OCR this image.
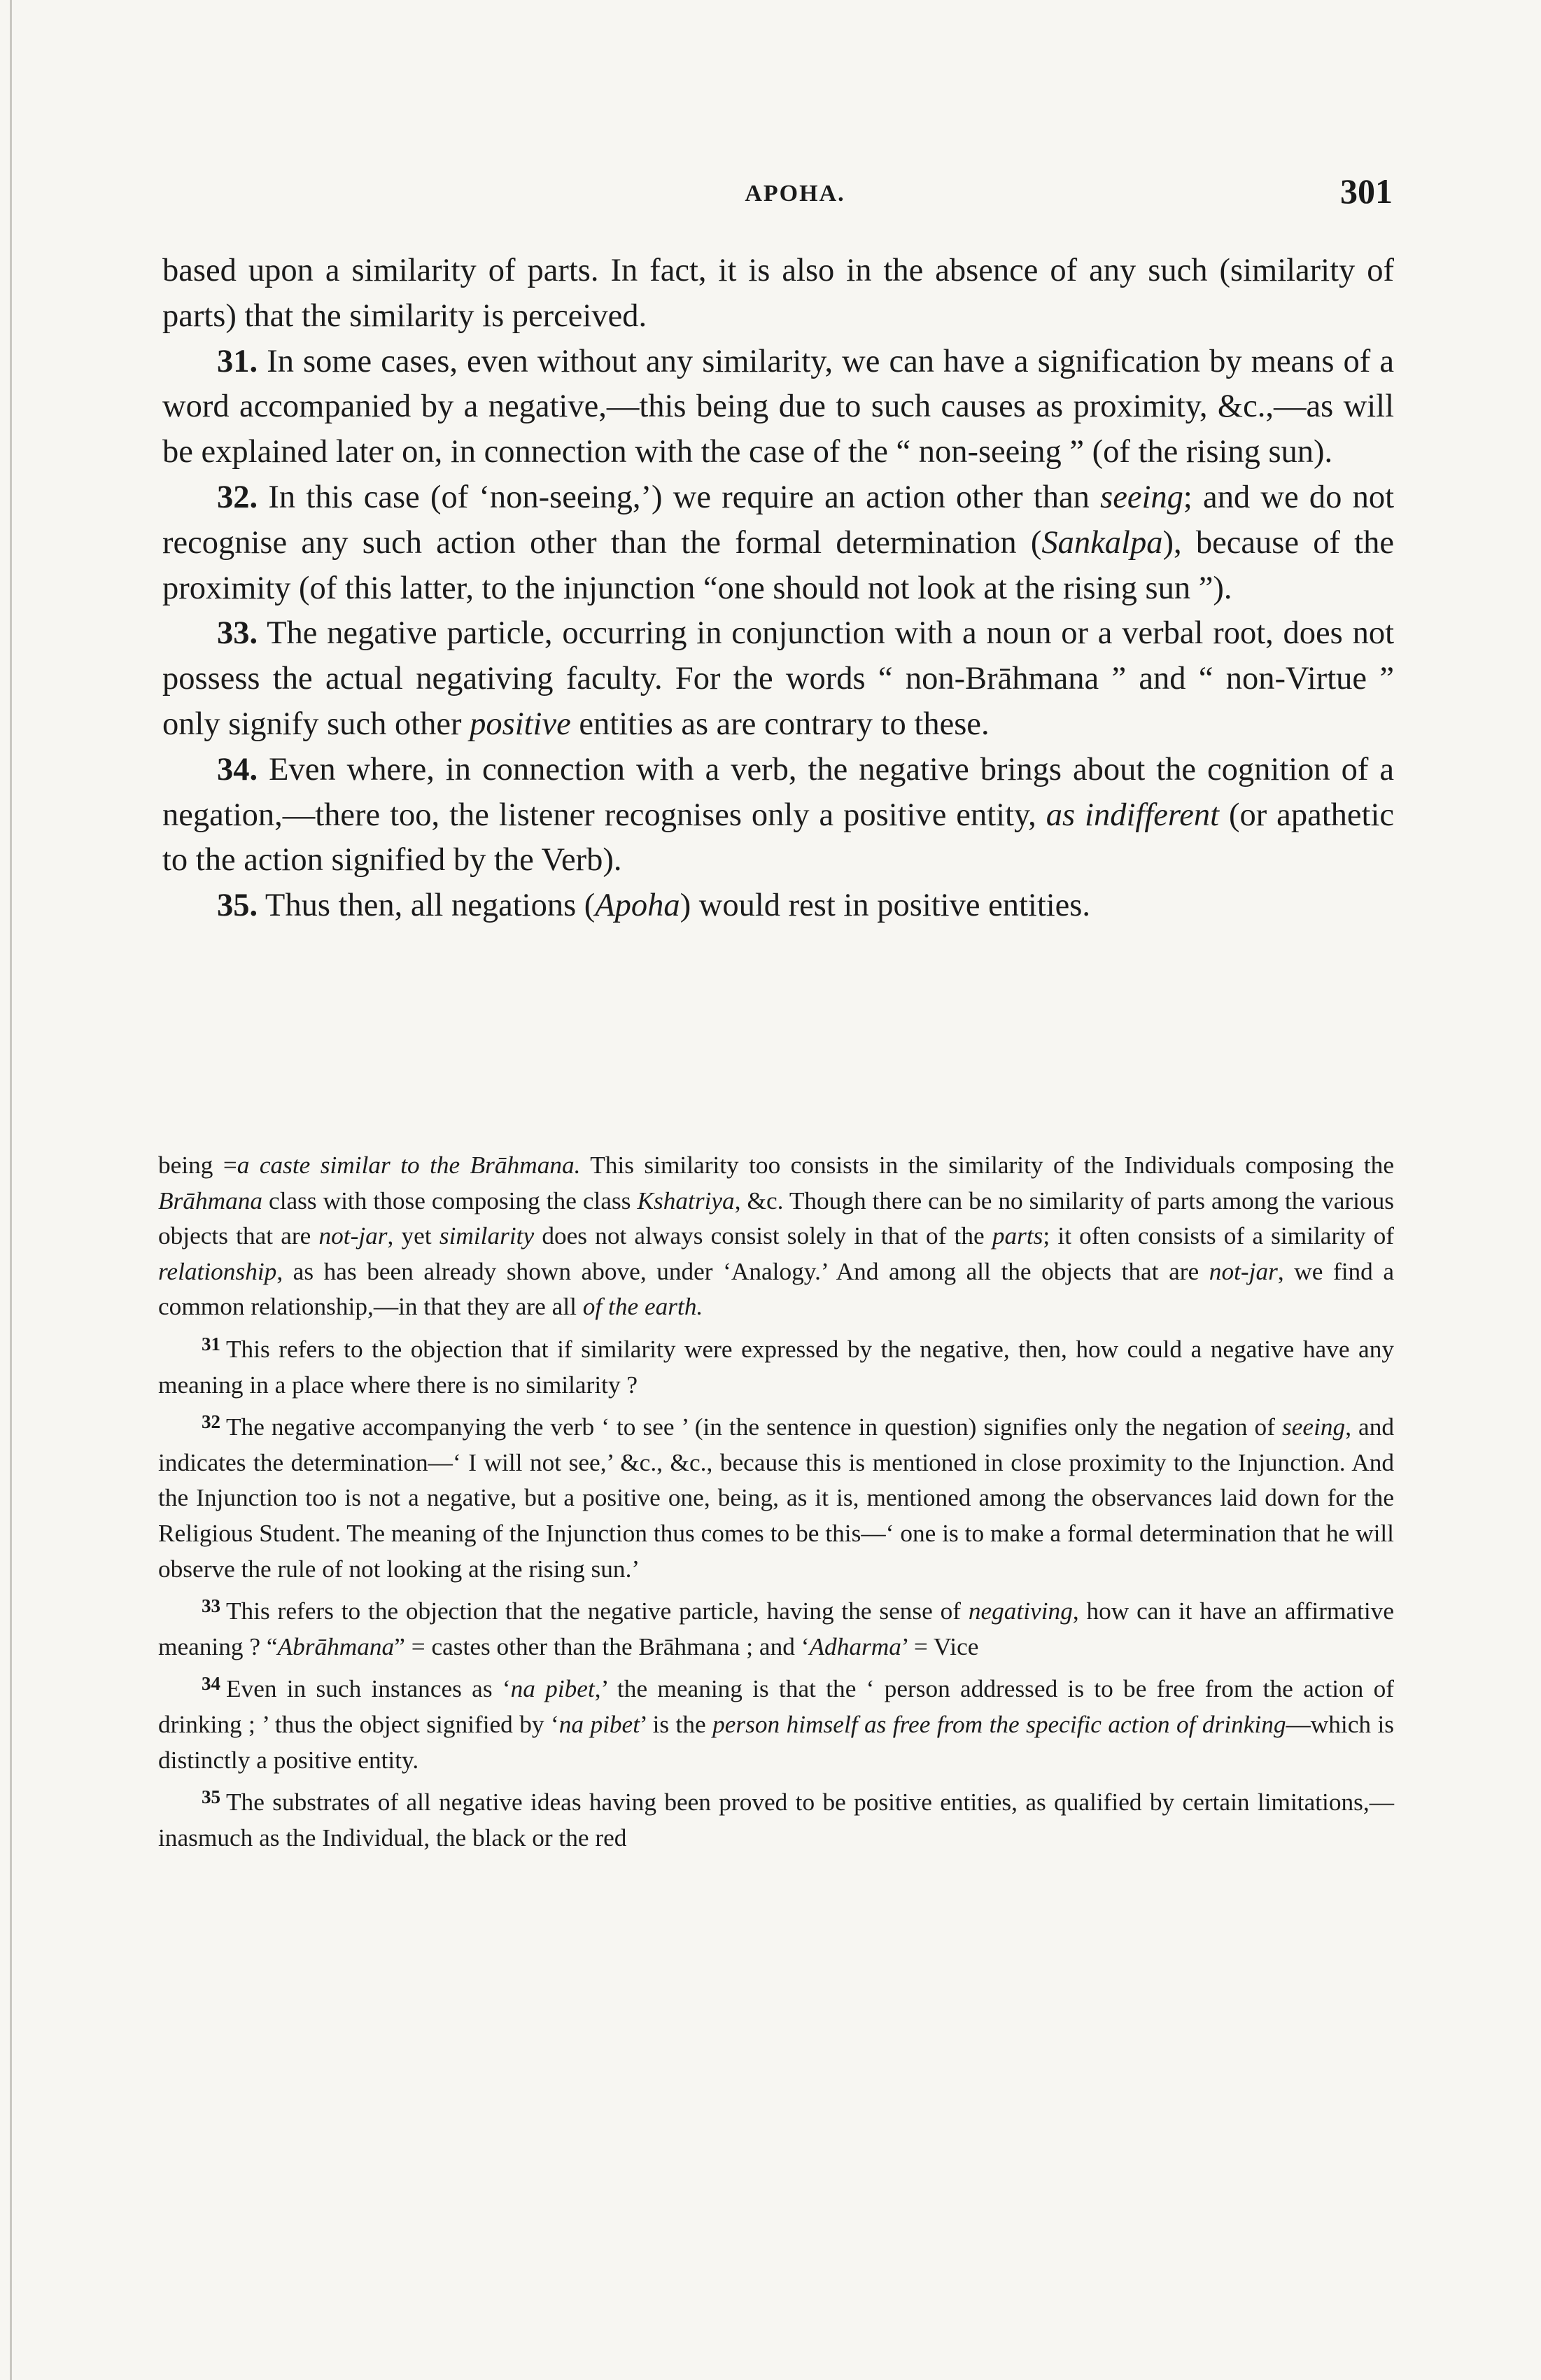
APOHA.	301

based upon a similarity of parts. In fact, it is also in the absence of any such (similarity of parts) that the similarity is perceived.

31. In some cases, even without any similarity, we can have a signification by means of a word accompanied by a negative,—this being due to such causes as proximity, &c.,—as will be explained later on, in connection with the case of the “ non-seeing ” (of the rising sun).

32. In this case (of ‘non-seeing,’) we require an action other than seeing; and we do not recognise any such action other than the formal determination (Sankalpa), because of the proximity (of this latter, to the injunction “one should not look at the rising sun ”).

33. The negative particle, occurring in conjunction with a noun or a verbal root, does not possess the actual negativing faculty. For the words “ non-Brāhmana ” and “ non-Virtue ” only signify such other positive entities as are contrary to these.

34. Even where, in connection with a verb, the negative brings about the cognition of a negation,—there too, the listener recognises only a positive entity, as indifferent (or apathetic to the action signified by the Verb).

35. Thus then, all negations (Apoha) would rest in positive entities.

being =a caste similar to the Brāhmana. This similarity too consists in the similarity of the Individuals composing the Brāhmana class with those composing the class Kshatriya, &c. Though there can be no similarity of parts among the various objects that are not-jar, yet similarity does not always consist solely in that of the parts; it often consists of a similarity of relationship, as has been already shown above, under ‘Analogy.’ And among all the objects that are not-jar, we find a common relationship,—in that they are all of the earth.

$^{31}$ This refers to the objection that if similarity were expressed by the negative, then, how could a negative have any meaning in a place where there is no similarity ?

$^{32}$ The negative accompanying the verb ‘ to see ’ (in the sentence in question) signifies only the negation of seeing, and indicates the determination—‘ I will not see,’ &c., &c., because this is mentioned in close proximity to the Injunction. And the Injunction too is not a negative, but a positive one, being, as it is, mentioned among the observances laid down for the Religious Student. The meaning of the Injunction thus comes to be this—‘ one is to make a formal determination that he will observe the rule of not looking at the rising sun.’

$^{33}$ This refers to the objection that the negative particle, having the sense of negativing, how can it have an affirmative meaning ? “Abrāhmana” = castes other than the Brāhmana ; and ‘Adharma’ = Vice

$^{34}$ Even in such instances as ‘na pibet,’ the meaning is that the ‘ person addressed is to be free from the action of drinking ; ’ thus the object signified by ‘na pibet’ is the person himself as free from the specific action of drinking—which is distinctly a positive entity.

$^{35}$ The substrates of all negative ideas having been proved to be positive entities, as qualified by certain limitations,—inasmuch as the Individual, the black or the red
